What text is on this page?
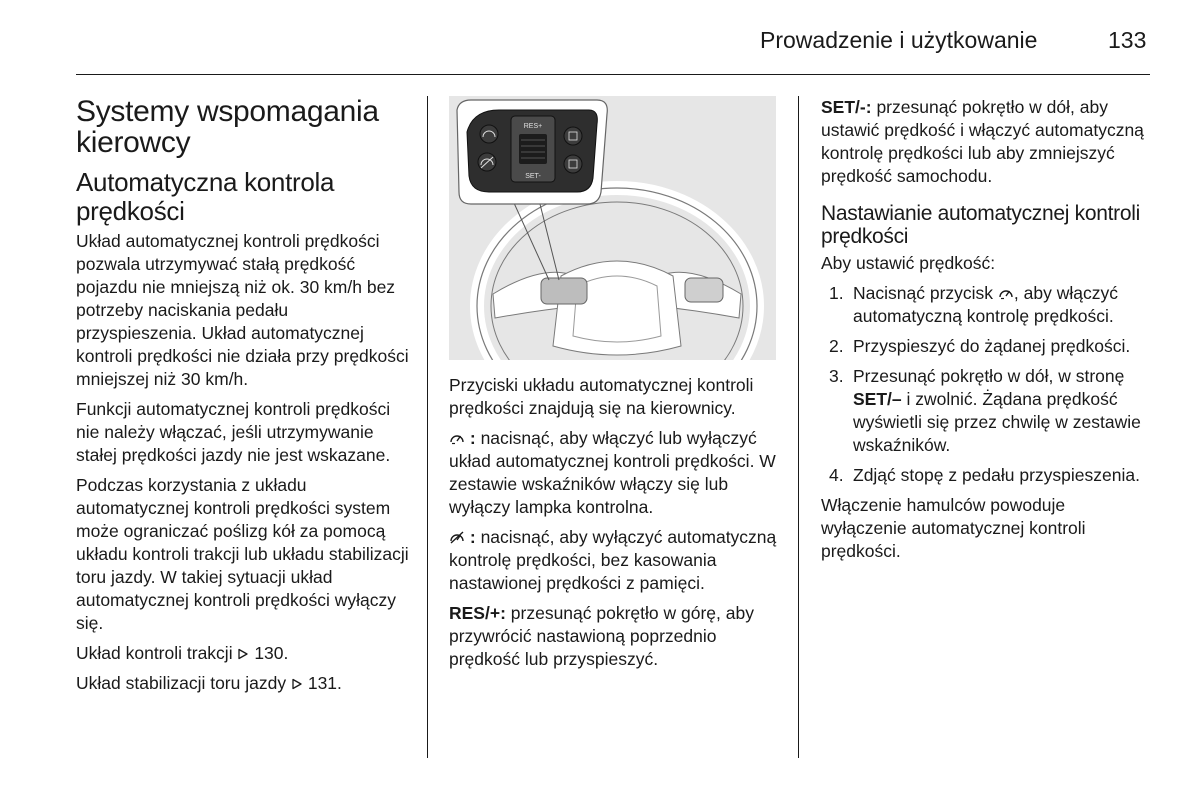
Prowadzenie i użytkowanie	133
Systemy wspomagania kierowcy
Automatyczna kontrola prędkości

Układ automatycznej kontroli prędkości pozwala utrzymywać stałą prędkość pojazdu nie mniejszą niż ok. 30 km/h bez potrzeby naciskania pedału przyspieszenia. Układ automatycznej kontroli prędkości nie działa przy prędkości mniejszej niż 30 km/h.

Funkcji automatycznej kontroli prędkości nie należy włączać, jeśli utrzymywanie stałej prędkości jazdy nie jest wskazane.

Podczas korzystania z układu automatycznej kontroli prędkości system może ograniczać poślizg kół za pomocą układu kontroli trakcji lub układu stabilizacji toru jazdy. W takiej sytuacji układ automatycznej kontroli prędkości wyłączy się.

Układ kontroli trakcji 130.

Układ stabilizacji toru jazdy 131.

RES+
SET-

Przyciski układu automatycznej kontroli prędkości znajdują się na kierownicy.

: nacisnąć, aby włączyć lub wyłączyć układ automatycznej kontroli prędkości. W zestawie wskaźników włączy się lub wyłączy lampka kontrolna.

: nacisnąć, aby wyłączyć automatyczną kontrolę prędkości, bez kasowania nastawionej prędkości z pamięci.

RES/+: przesunąć pokrętło w górę, aby przywrócić nastawioną poprzednio prędkość lub przyspieszyć.

SET/-: przesunąć pokrętło w dół, aby ustawić prędkość i włączyć automatyczną kontrolę prędkości lub aby zmniejszyć prędkość samochodu.

Nastawianie automatycznej kontroli prędkości

Aby ustawić prędkość:

1. Nacisnąć przycisk , aby włączyć automatyczną kontrolę prędkości.
2. Przyspieszyć do żądanej prędkości.
3. Przesunąć pokrętło w dół, w stronę SET/– i zwolnić. Żądana prędkość wyświetli się przez chwilę w zestawie wskaźników.
4. Zdjąć stopę z pedału przyspieszenia.

Włączenie hamulców powoduje wyłączenie automatycznej kontroli prędkości.
